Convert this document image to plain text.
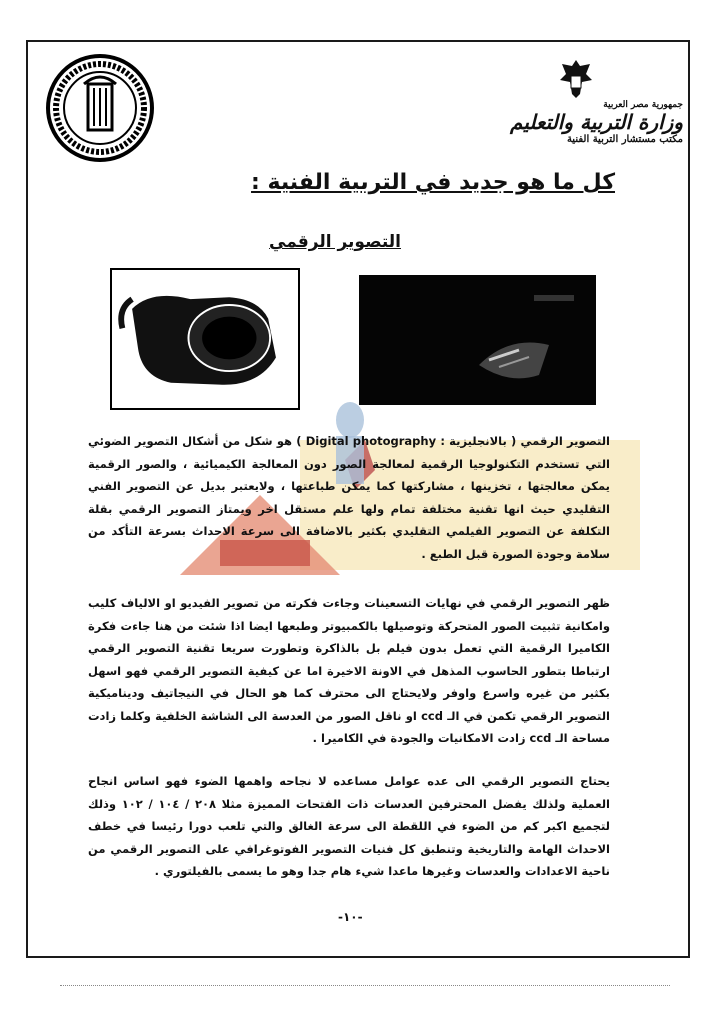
جمهورية مصر العربية
وزارة التربية والتعليم
مكتب مستشار التربية الفنية
كل ما هو جديد في التربية الفنية :
التصوير الرقمي
التصوير الرقمي ( بالانجليزية : Digital photography ) هو شكل من أشكال التصوير الضوئي التي تستخدم التكنولوجيا الرقمية لمعالجة الصور دون المعالجة الكيميائية ، والصور الرقمية يمكن معالجتها ، تخزينها ، مشاركتها كما يمكن طباعتها ، ولايعتبر بديل عن التصوير الفني التقليدي حيث انها تقنية مختلفة تمام ولها علم مستقل اخر ويمتاز التصوير الرقمي بقلة التكلفة عن التصوير الفيلمي التقليدي بكثير بالاضافة الى سرعة الاحداث بسرعة التأكد من سلامة وجودة الصورة قبل الطبع .
ظهر التصوير الرقمي في نهايات التسعينات وجاءت فكرته من تصوير الفيديو او الالياف كليب وامكانية تثبيت الصور المتحركة وتوصيلها بالكمبيوتر وطبعها ايضا اذا شئت من هنا جاءت فكرة الكاميرا الرقمية التي تعمل بدون فيلم بل بالذاكرة وتطورت سريعا تقنية التصوير الرقمي ارتباطا بتطور الحاسوب المذهل في الاونة الاخيرة اما عن كيفية التصوير الرقمي فهو اسهل بكثير من غيره واسرع واوفر ولايحتاج الى محترف كما هو الحال في النيجاتيف وديناميكية التصوير الرقمي تكمن في الـ ccd او ناقل الصور من العدسة الى الشاشة الخلفية وكلما زادت مساحة الـ ccd زادت الامكانيات والجودة في الكاميرا .
يحتاج التصوير الرقمي الى عده عوامل مساعده لا نجاحه واهمها الضوء فهو اساس انجاح العملية ولذلك يفضل المحترفين العدسات ذات الفتحات المميزة مثلا ٢٠٨ / ١٠٤ / ١٠٢ وذلك لتجميع اكبر كم من الضوء في اللقطة الى سرعة الغالق والتي تلعب دورا رئيسا في خطف الاحداث الهامة والتاريخية وتنطبق كل فنيات التصوير الفوتوغرافي على التصوير الرقمي من ناحية الاعدادات والعدسات وغيرها ماعدا شيء هام جدا وهو ما يسمى بالفيلتوري .
-١٠-
